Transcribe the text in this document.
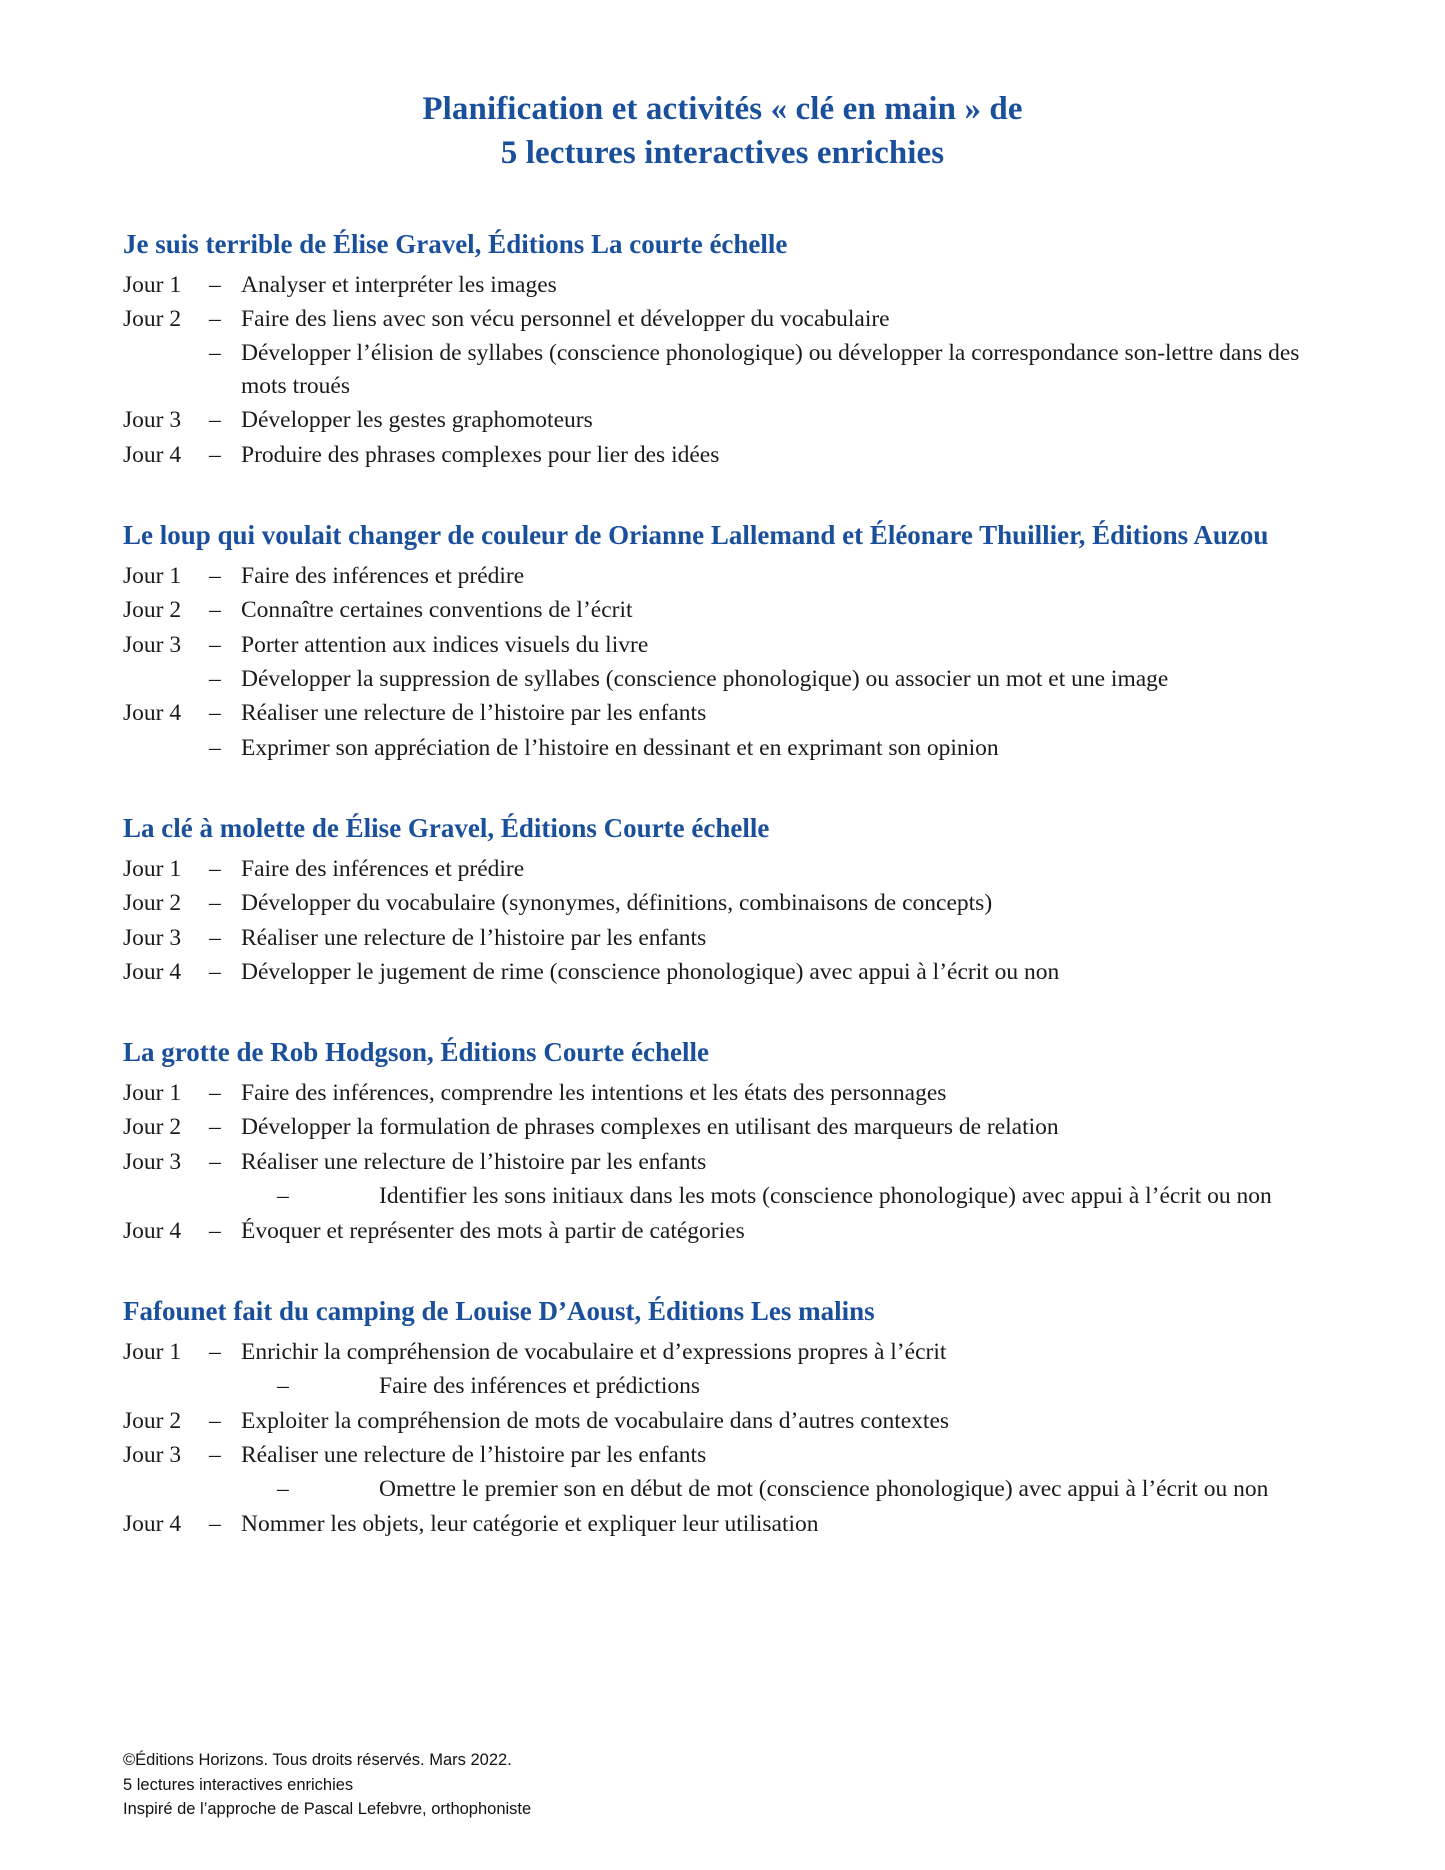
Planification et activités « clé en main » de
5 lectures interactives enrichies
Je suis terrible de Élise Gravel, Éditions La courte échelle
Jour 1	– Analyser et interpréter les images
Jour 2	– Faire des liens avec son vécu personnel et développer du vocabulaire
– Développer l’élision de syllabes (conscience phonologique) ou développer la correspondance son-lettre dans des mots troués
Jour 3	– Développer les gestes graphomoteurs
Jour 4	– Produire des phrases complexes pour lier des idées
Le loup qui voulait changer de couleur de Orianne Lallemand et Éléonare Thuillier, Éditions Auzou
Jour 1	– Faire des inférences et prédire
Jour 2	– Connaître certaines conventions de l’écrit
Jour 3	– Porter attention aux indices visuels du livre
– Développer la suppression de syllabes (conscience phonologique) ou associer un mot et une image
Jour 4	– Réaliser une relecture de l’histoire par les enfants
– Exprimer son appréciation de l’histoire en dessinant et en exprimant son opinion
La clé à molette de Élise Gravel, Éditions Courte échelle
Jour 1	– Faire des inférences et prédire
Jour 2	– Développer du vocabulaire (synonymes, définitions, combinaisons de concepts)
Jour 3	– Réaliser une relecture de l’histoire par les enfants
Jour 4	– Développer le jugement de rime (conscience phonologique) avec appui à l’écrit ou non
La grotte de Rob Hodgson, Éditions Courte échelle
Jour 1	– Faire des inférences, comprendre les intentions et les états des personnages
Jour 2	– Développer la formulation de phrases complexes en utilisant des marqueurs de relation
Jour 3	– Réaliser une relecture de l’histoire par les enfants
–	Identifier les sons initiaux dans les mots (conscience phonologique) avec appui à l’écrit ou non
Jour 4	– Évoquer et représenter des mots à partir de catégories
Fafounet fait du camping de Louise D’Aoust, Éditions Les malins
Jour 1	– Enrichir la compréhension de vocabulaire et d’expressions propres à l’écrit
–	Faire des inférences et prédictions
Jour 2	– Exploiter la compréhension de mots de vocabulaire dans d’autres contextes
Jour 3	– Réaliser une relecture de l’histoire par les enfants
–	Omettre le premier son en début de mot (conscience phonologique) avec appui à l’écrit ou non
Jour 4	– Nommer les objets, leur catégorie et expliquer leur utilisation
©Éditions Horizons. Tous droits réservés. Mars 2022.
5 lectures interactives enrichies
Inspiré de l’approche de Pascal Lefebvre, orthophoniste
